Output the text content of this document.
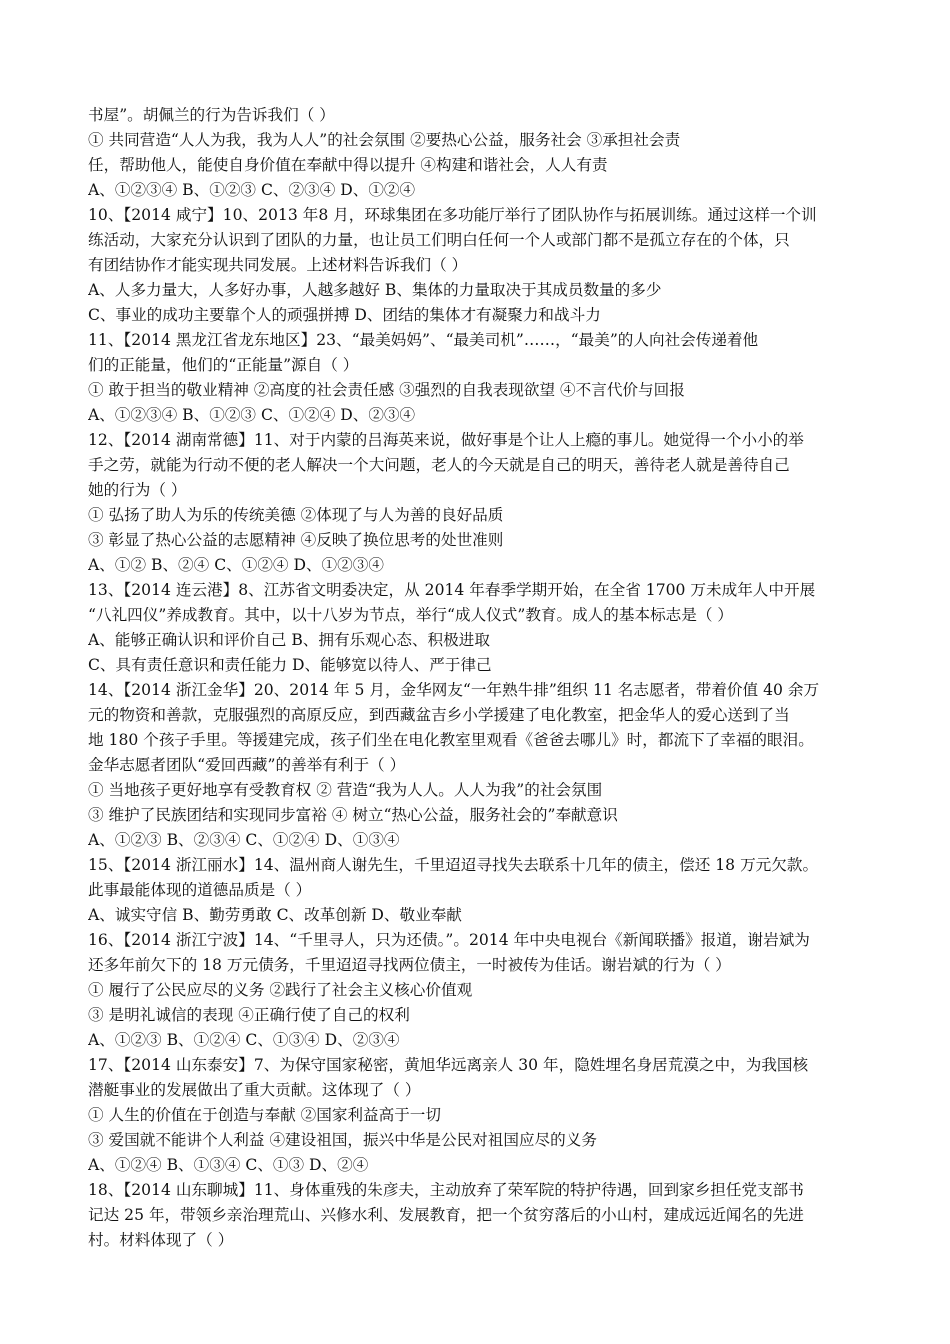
书屋”。胡佩兰的行为告诉我们（ ）
① 共同营造“人人为我，我为人人”的社会氛围 ②要热心公益，服务社会 ③承担社会责
任，帮助他人，能使自身价值在奉献中得以提升 ④构建和谐社会，人人有责
A、①②③④ B、①②③ C、②③④ D、①②④
10、【2014 咸宁】10、2013 年8 月，环球集团在多功能厅举行了团队协作与拓展训练。通过这样一个训
练活动，大家充分认识到了团队的力量，也让员工们明白任何一个人或部门都不是孤立存在的个体，只
有团结协作才能实现共同发展。上述材料告诉我们（ ）
A、人多力量大，人多好办事，人越多越好 B、集体的力量取决于其成员数量的多少
C、事业的成功主要靠个人的顽强拼搏 D、团结的集体才有凝聚力和战斗力
11、【2014 黑龙江省龙东地区】23、“最美妈妈”、“最美司机”……，“最美”的人向社会传递着他
们的正能量，他们的“正能量”源自（ ）
① 敢于担当的敬业精神 ②高度的社会责任感 ③强烈的自我表现欲望 ④不言代价与回报
A、①②③④ B、①②③ C、①②④ D、②③④
12、【2014 湖南常德】11、对于内蒙的吕海英来说，做好事是个让人上瘾的事儿。她觉得一个小小的举
手之劳，就能为行动不便的老人解决一个大问题，老人的今天就是自己的明天，善待老人就是善待自己
她的行为（ ）
① 弘扬了助人为乐的传统美德 ②体现了与人为善的良好品质
③ 彰显了热心公益的志愿精神 ④反映了换位思考的处世准则
A、①② B、②④ C、①②④ D、①②③④
13、【2014 连云港】8、江苏省文明委决定，从 2014 年春季学期开始，在全省 1700 万未成年人中开展
“八礼四仪”养成教育。其中，以十八岁为节点，举行“成人仪式”教育。成人的基本标志是（ ）
A、能够正确认识和评价自己 B、拥有乐观心态、积极进取
C、具有责任意识和责任能力 D、能够宽以待人、严于律己
14、【2014 浙江金华】20、2014 年 5 月，金华网友“一年熟牛排”组织 11 名志愿者，带着价值 40 余万
元的物资和善款，克服强烈的高原反应，到西藏盆吉乡小学援建了电化教室，把金华人的爱心送到了当
地 180 个孩子手里。等援建完成，孩子们坐在电化教室里观看《爸爸去哪儿》时，都流下了幸福的眼泪。
金华志愿者团队“爱回西藏”的善举有利于（ ）
① 当地孩子更好地享有受教育权 ② 营造“我为人人。人人为我”的社会氛围
③ 维护了民族团结和实现同步富裕 ④ 树立“热心公益，服务社会的”奉献意识
A、①②③ B、②③④ C、①②④ D、①③④
15、【2014 浙江丽水】14、温州商人谢先生，千里迢迢寻找失去联系十几年的债主，偿还 18 万元欠款。
此事最能体现的道德品质是（ ）
A、诚实守信 B、勤劳勇敢 C、改革创新 D、敬业奉献
16、【2014 浙江宁波】14、“千里寻人，只为还债。”。2014 年中央电视台《新闻联播》报道，谢岩斌为
还多年前欠下的 18 万元债务，千里迢迢寻找两位债主，一时被传为佳话。谢岩斌的行为（ ）
① 履行了公民应尽的义务 ②践行了社会主义核心价值观
③ 是明礼诚信的表现 ④正确行使了自己的权利
A、①②③ B、①②④ C、①③④ D、②③④
17、【2014 山东泰安】7、为保守国家秘密，黄旭华远离亲人 30 年，隐姓埋名身居荒漠之中，为我国核
潜艇事业的发展做出了重大贡献。这体现了（ ）
① 人生的价值在于创造与奉献 ②国家利益高于一切
③ 爱国就不能讲个人利益 ④建设祖国，振兴中华是公民对祖国应尽的义务
A、①②④ B、①③④ C、①③ D、②④
18、【2014 山东聊城】11、身体重残的朱彦夫，主动放弃了荣军院的特护待遇，回到家乡担任党支部书
记达 25 年，带领乡亲治理荒山、兴修水利、发展教育，把一个贫穷落后的小山村，建成远近闻名的先进
村。材料体现了（ ）
